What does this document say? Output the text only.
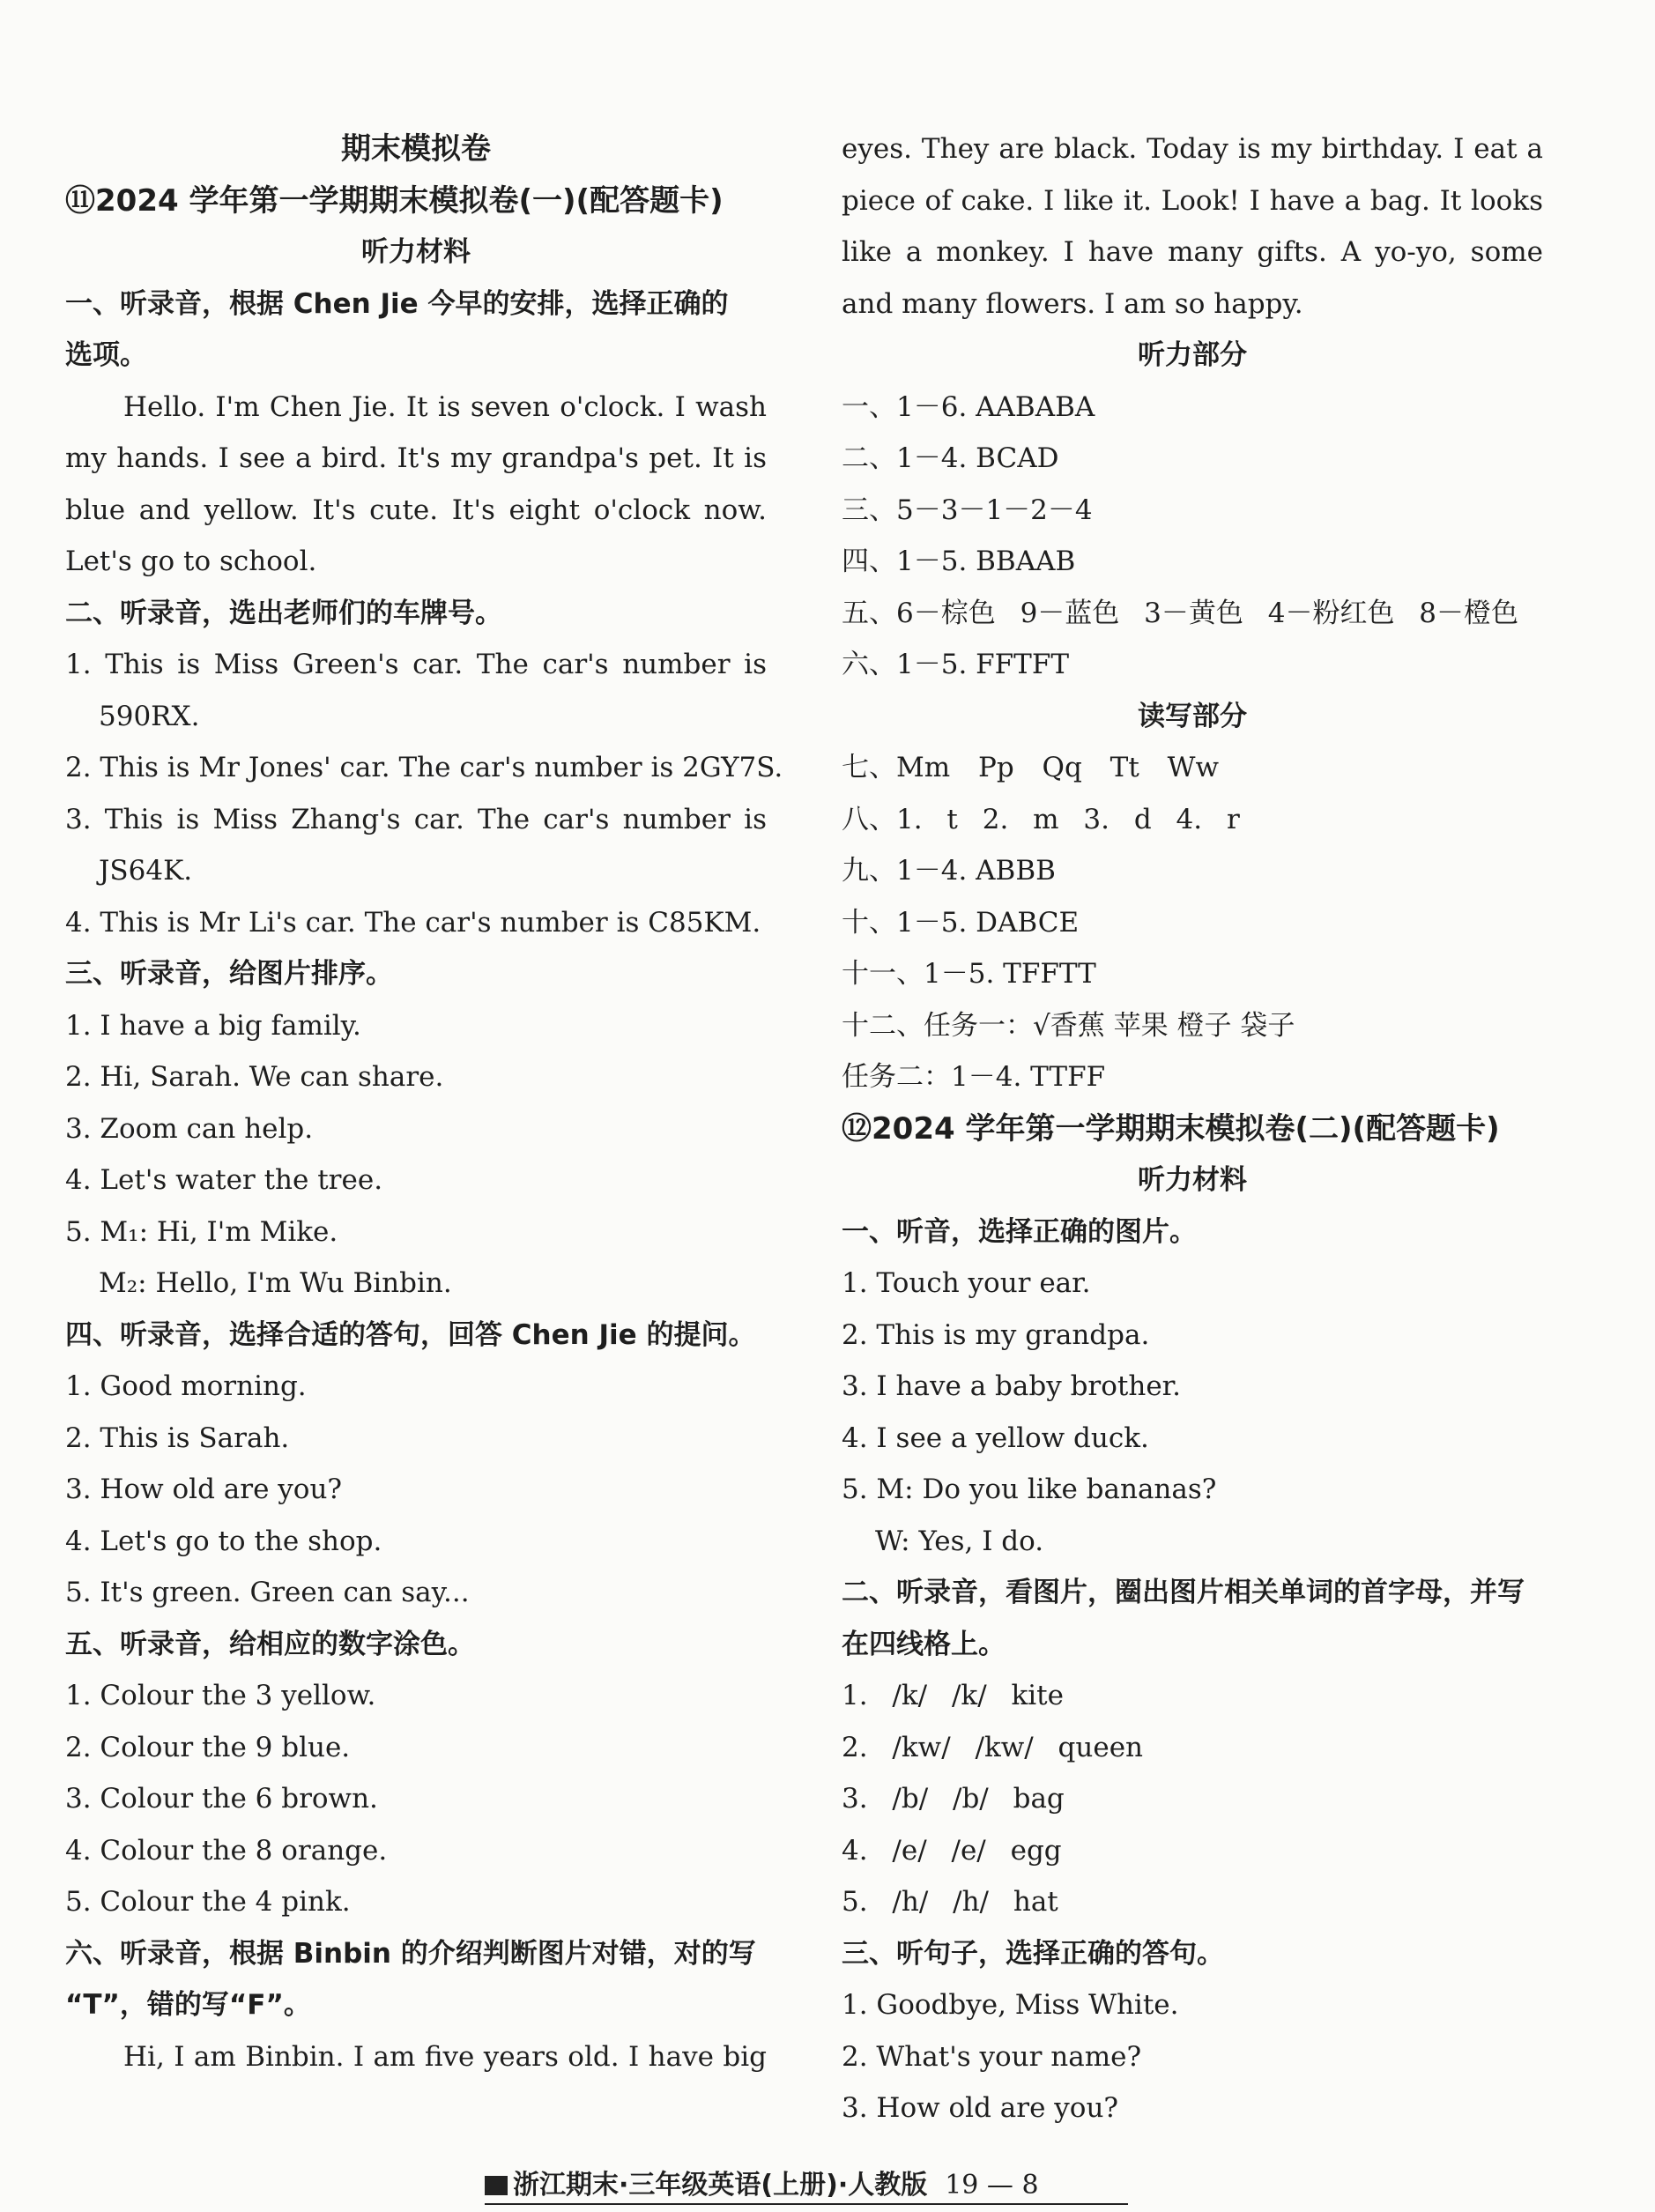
期末模拟卷
⑪2024 学年第一学期期末模拟卷(一)(配答题卡)
听力材料
一、听录音，根据 Chen Jie 今早的安排，选择正确的
选项。
Hello. I'm Chen Jie. It is seven o'clock. I wash
my hands. I see a bird. It's my grandpa's pet. It is
blue and yellow. It's cute. It's eight o'clock now.
Let's go to school.
二、听录音，选出老师们的车牌号。
1. This is Miss Green's car. The car's number is
590RX.
2. This is Mr Jones' car. The car's number is 2GY7S.
3. This is Miss Zhang's car. The car's number is
JS64K.
4. This is Mr Li's car. The car's number is C85KM.
三、听录音，给图片排序。
1. I have a big family.
2. Hi, Sarah. We can share.
3. Zoom can help.
4. Let's water the tree.
5. M₁: Hi, I'm Mike.
M₂: Hello, I'm Wu Binbin.
四、听录音，选择合适的答句，回答 Chen Jie 的提问。
1. Good morning.
2. This is Sarah.
3. How old are you?
4. Let's go to the shop.
5. It's green. Green can say...
五、听录音，给相应的数字涂色。
1. Colour the 3 yellow.
2. Colour the 9 blue.
3. Colour the 6 brown.
4. Colour the 8 orange.
5. Colour the 4 pink.
六、听录音，根据 Binbin 的介绍判断图片对错，对的写
“T”，错的写“F”。
Hi, I am Binbin. I am five years old. I have big
eyes. They are black. Today is my birthday. I eat a
piece of cake. I like it. Look! I have a bag. It looks
like a monkey. I have many gifts. A yo-yo, some
and many flowers. I am so happy.
听力部分
一、1－6. AABABA
二、1－4. BCAD
三、5－3－1－2－4
四、1－5. BBAAB
五、6－棕色 9－蓝色 3－黄色 4－粉红色 8－橙色
六、1－5. FFTFT
读写部分
七、Mm Pp Qq Tt Ww
八、1. t 2. m 3. d 4. r
九、1－4. ABBB
十、1－5. DABCE
十一、1－5. TFFTT
十二、任务一：√香蕉 苹果 橙子 袋子
任务二：1－4. TTFF
⑫2024 学年第一学期期末模拟卷(二)(配答题卡)
听力材料
一、听音，选择正确的图片。
1. Touch your ear.
2. This is my grandpa.
3. I have a baby brother.
4. I see a yellow duck.
5. M: Do you like bananas?
W: Yes, I do.
二、听录音，看图片，圈出图片相关单词的首字母，并写
在四线格上。
1. /k/ /k/ kite
2. /kw/ /kw/ queen
3. /b/ /b/ bag
4. /e/ /e/ egg
5. /h/ /h/ hat
三、听句子，选择正确的答句。
1. Goodbye, Miss White.
2. What's your name?
3. How old are you?
浙江期末·三年级英语(上册)·人教版 19 — 8
